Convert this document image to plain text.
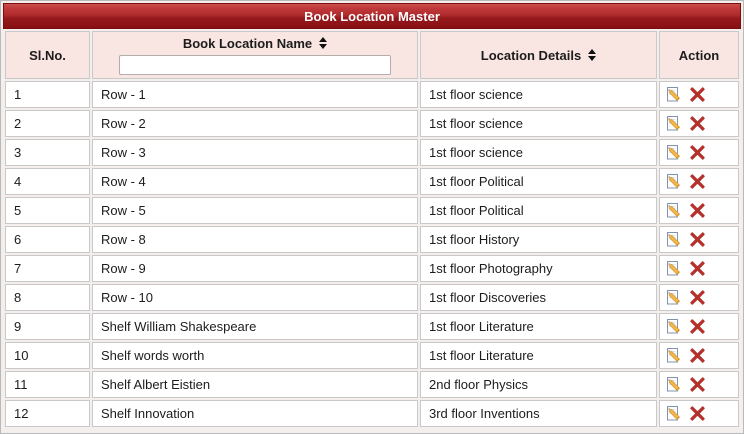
Book Location Master
Sl.No.	Book Location Name	Location Details	Action
1	Row - 1	1st floor science	
2	Row - 2	1st floor science	
3	Row - 3	1st floor science	
4	Row - 4	1st floor Political	
5	Row - 5	1st floor Political	
6	Row - 8	1st floor History	
7	Row - 9	1st floor Photography	
8	Row - 10	1st floor Discoveries	
9	Shelf William Shakespeare	1st floor Literature	
10	Shelf words worth	1st floor Literature	
11	Shelf Albert Eistien	2nd floor Physics	
12	Shelf Innovation	3rd floor Inventions	
